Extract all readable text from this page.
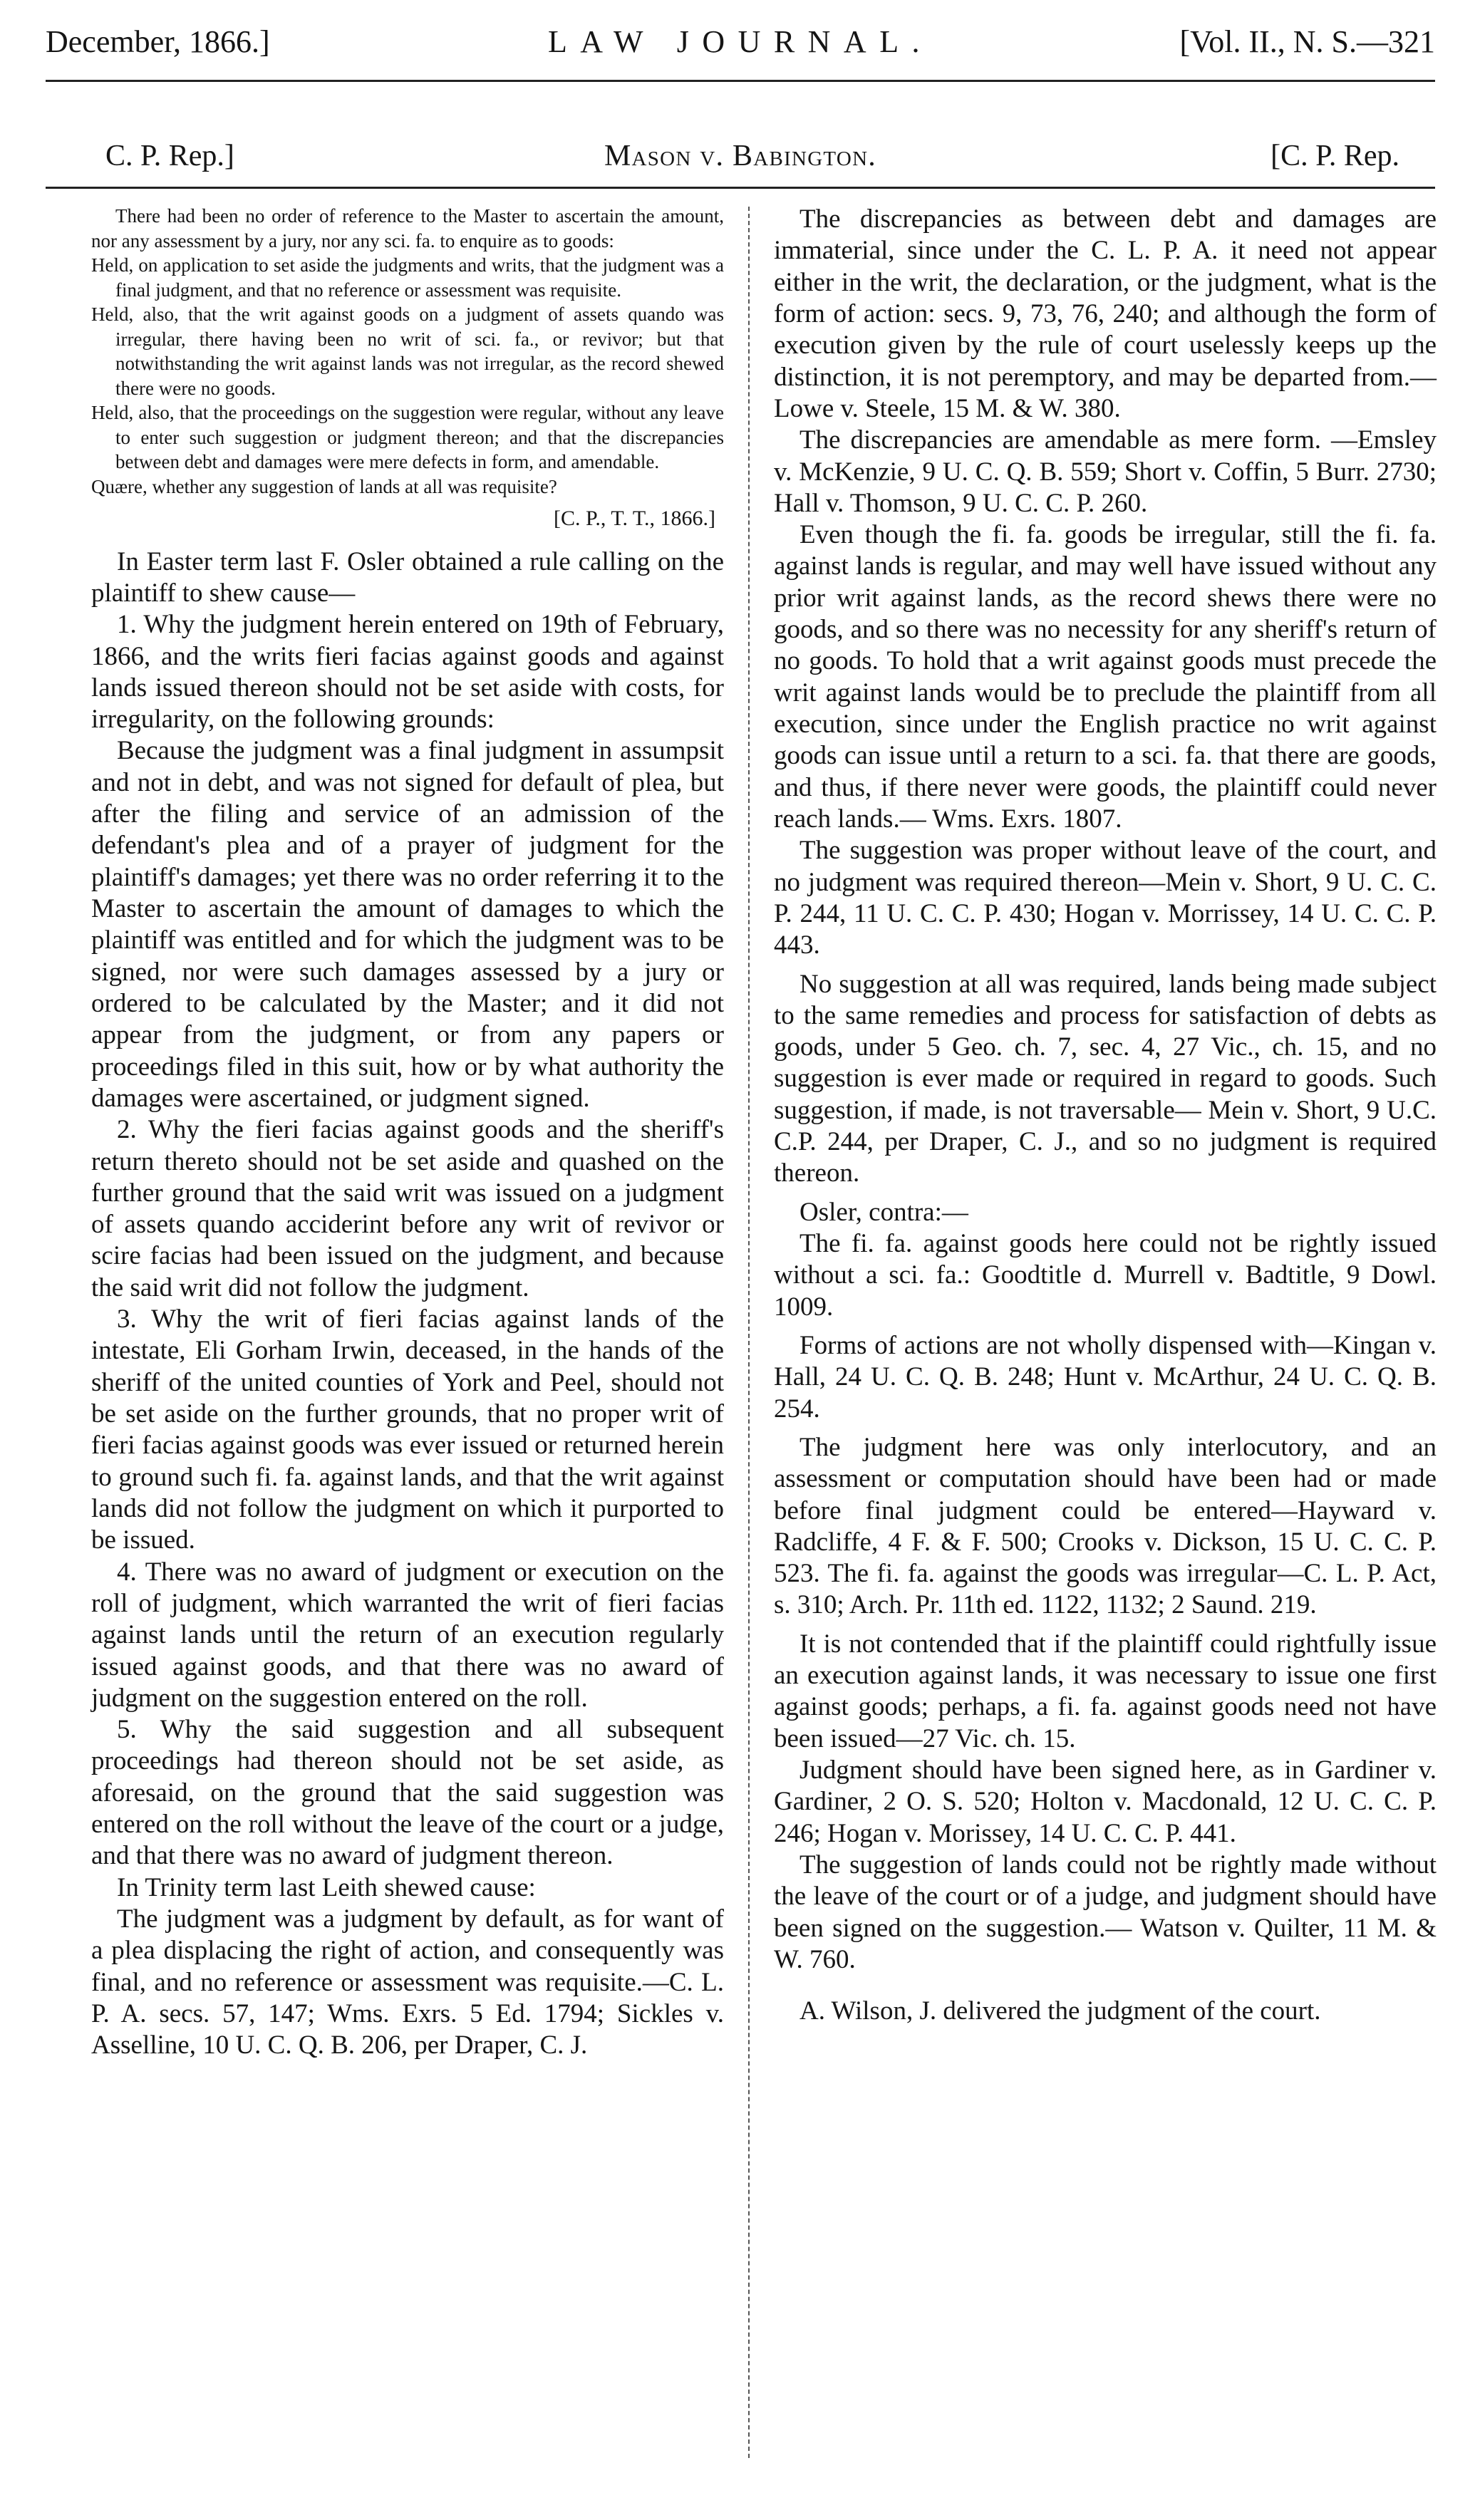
December, 1866.]	LAW JOURNAL.	[Vol. II., N. S.—321
C. P. Rep.]	Mason v. Babington.	[C. P. Rep.

There had been no order of reference to the Master to ascertain the amount, nor any assessment by a jury, nor any sci. fa. to enquire as to goods:

Held, on application to set aside the judgments and writs, that the judgment was a final judgment, and that no reference or assessment was requisite.

Held, also, that the writ against goods on a judgment of assets quando was irregular, there having been no writ of sci. fa., or revivor; but that notwithstanding the writ against lands was not irregular, as the record shewed there were no goods.

Held, also, that the proceedings on the suggestion were regular, without any leave to enter such suggestion or judgment thereon; and that the discrepancies between debt and damages were mere defects in form, and amendable.

Quære, whether any suggestion of lands at all was requisite?

[C. P., T. T., 1866.]

In Easter term last F. Osler obtained a rule calling on the plaintiff to shew cause—

1. Why the judgment herein entered on 19th of February, 1866, and the writs fieri facias against goods and against lands issued thereon should not be set aside with costs, for irregularity, on the following grounds:

Because the judgment was a final judgment in assumpsit and not in debt, and was not signed for default of plea, but after the filing and service of an admission of the defendant's plea and of a prayer of judgment for the plaintiff's damages; yet there was no order referring it to the Master to ascertain the amount of damages to which the plaintiff was entitled and for which the judgment was to be signed, nor were such damages assessed by a jury or ordered to be calculated by the Master; and it did not appear from the judgment, or from any papers or proceedings filed in this suit, how or by what authority the damages were ascertained, or judgment signed.

2. Why the fieri facias against goods and the sheriff's return thereto should not be set aside and quashed on the further ground that the said writ was issued on a judgment of assets quando acciderint before any writ of revivor or scire facias had been issued on the judgment, and because the said writ did not follow the judgment.

3. Why the writ of fieri facias against lands of the intestate, Eli Gorham Irwin, deceased, in the hands of the sheriff of the united counties of York and Peel, should not be set aside on the further grounds, that no proper writ of fieri facias against goods was ever issued or returned herein to ground such fi. fa. against lands, and that the writ against lands did not follow the judgment on which it purported to be issued.

4. There was no award of judgment or execution on the roll of judgment, which warranted the writ of fieri facias against lands until the return of an execution regularly issued against goods, and that there was no award of judgment on the suggestion entered on the roll.

5. Why the said suggestion and all subsequent proceedings had thereon should not be set aside, as aforesaid, on the ground that the said suggestion was entered on the roll without the leave of the court or a judge, and that there was no award of judgment thereon.

In Trinity term last Leith shewed cause:

The judgment was a judgment by default, as for want of a plea displacing the right of action, and consequently was final, and no reference or assessment was requisite.—C. L. P. A. secs. 57, 147; Wms. Exrs. 5 Ed. 1794; Sickles v. Asselline, 10 U. C. Q. B. 206, per Draper, C. J.

The discrepancies as between debt and damages are immaterial, since under the C. L. P. A. it need not appear either in the writ, the declaration, or the judgment, what is the form of action: secs. 9, 73, 76, 240; and although the form of execution given by the rule of court uselessly keeps up the distinction, it is not peremptory, and may be departed from.—Lowe v. Steele, 15 M. & W. 380.

The discrepancies are amendable as mere form. —Emsley v. McKenzie, 9 U. C. Q. B. 559; Short v. Coffin, 5 Burr. 2730; Hall v. Thomson, 9 U. C. C. P. 260.

Even though the fi. fa. goods be irregular, still the fi. fa. against lands is regular, and may well have issued without any prior writ against lands, as the record shews there were no goods, and so there was no necessity for any sheriff's return of no goods. To hold that a writ against goods must precede the writ against lands would be to preclude the plaintiff from all execution, since under the English practice no writ against goods can issue until a return to a sci. fa. that there are goods, and thus, if there never were goods, the plaintiff could never reach lands.— Wms. Exrs. 1807.

The suggestion was proper without leave of the court, and no judgment was required thereon—Mein v. Short, 9 U. C. C. P. 244, 11 U. C. C. P. 430; Hogan v. Morrissey, 14 U. C. C. P. 443.

No suggestion at all was required, lands being made subject to the same remedies and process for satisfaction of debts as goods, under 5 Geo. ch. 7, sec. 4, 27 Vic., ch. 15, and no suggestion is ever made or required in regard to goods. Such suggestion, if made, is not traversable— Mein v. Short, 9 U.C. C.P. 244, per Draper, C. J., and so no judgment is required thereon.

Osler, contra:—

The fi. fa. against goods here could not be rightly issued without a sci. fa.: Goodtitle d. Murrell v. Badtitle, 9 Dowl. 1009.

Forms of actions are not wholly dispensed with—Kingan v. Hall, 24 U. C. Q. B. 248; Hunt v. McArthur, 24 U. C. Q. B. 254.

The judgment here was only interlocutory, and an assessment or computation should have been had or made before final judgment could be entered—Hayward v. Radcliffe, 4 F. & F. 500; Crooks v. Dickson, 15 U. C. C. P. 523. The fi. fa. against the goods was irregular—C. L. P. Act, s. 310; Arch. Pr. 11th ed. 1122, 1132; 2 Saund. 219.

It is not contended that if the plaintiff could rightfully issue an execution against lands, it was necessary to issue one first against goods; perhaps, a fi. fa. against goods need not have been issued—27 Vic. ch. 15.

Judgment should have been signed here, as in Gardiner v. Gardiner, 2 O. S. 520; Holton v. Macdonald, 12 U. C. C. P. 246; Hogan v. Morissey, 14 U. C. C. P. 441.

The suggestion of lands could not be rightly made without the leave of the court or of a judge, and judgment should have been signed on the suggestion.— Watson v. Quilter, 11 M. & W. 760.

A. Wilson, J. delivered the judgment of the court.
